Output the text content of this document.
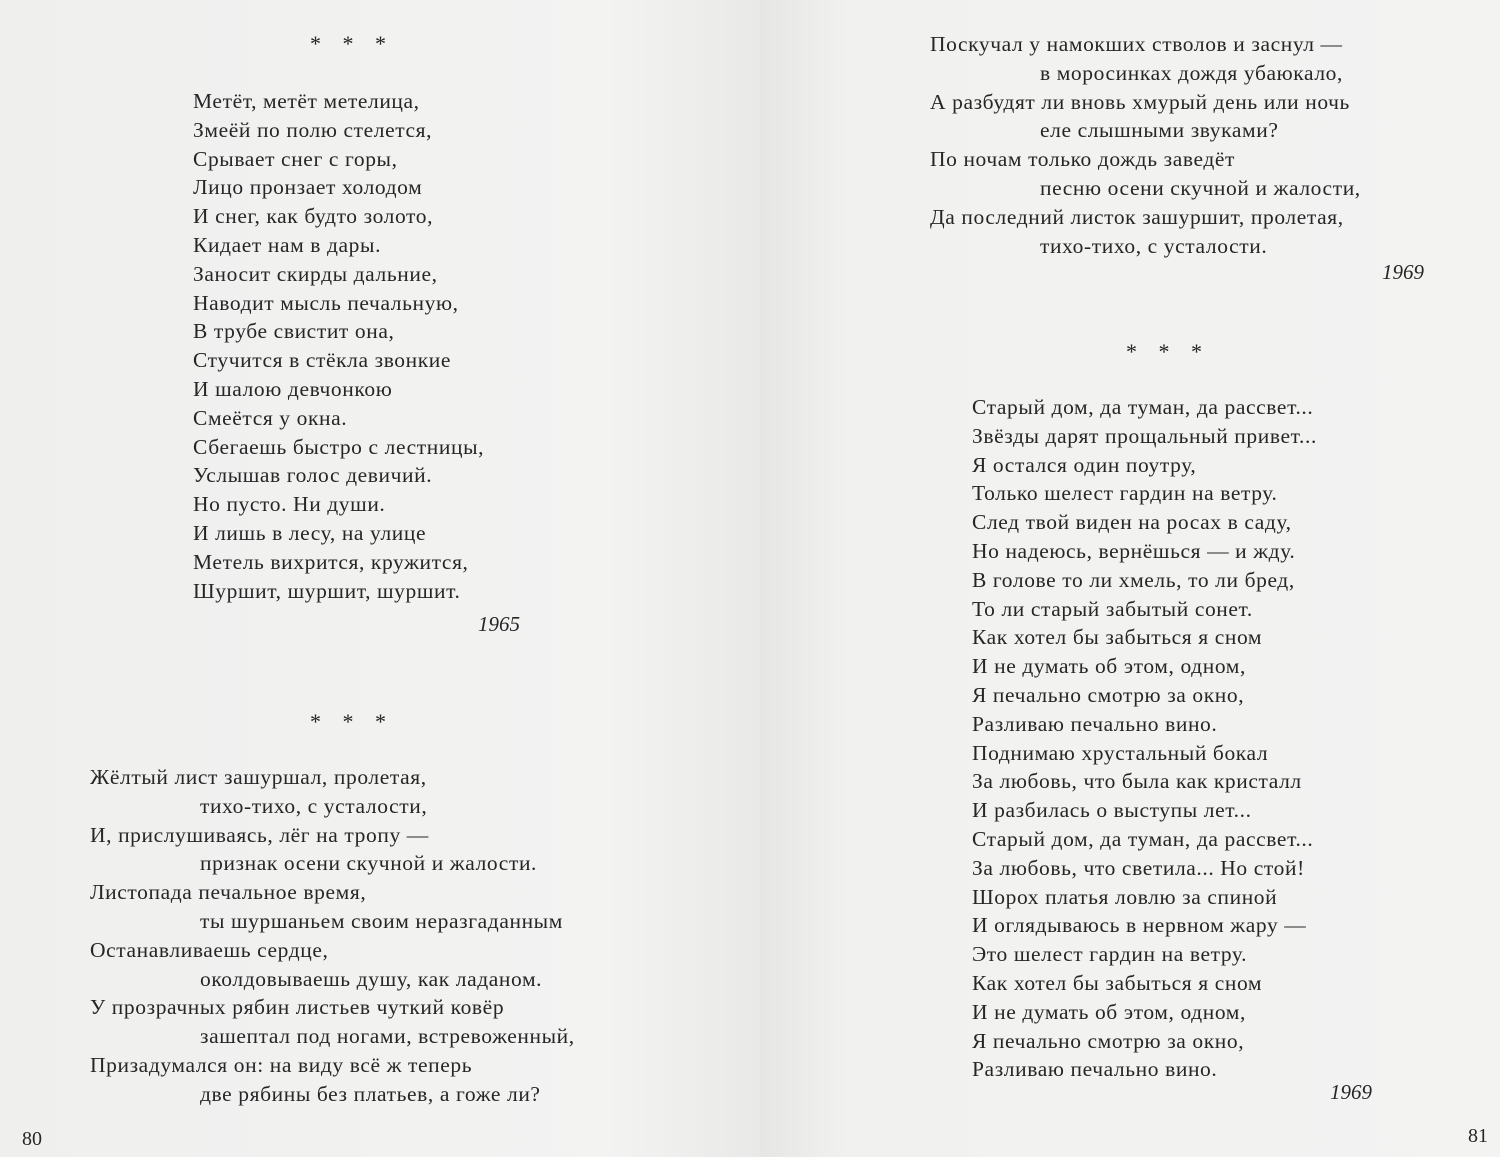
* * *
Метёт, метёт метелица,
Змеёй по полю стелется,
Срывает снег с горы,
Лицо пронзает холодом
И снег, как будто золото,
Кидает нам в дары.
Заносит скирды дальние,
Наводит мысль печальную,
В трубе свистит она,
Стучится в стёкла звонкие
И шалою девчонкою
Смеётся у окна.
Сбегаешь быстро с лестницы,
Услышав голос девичий.
Но пусто. Ни души.
И лишь в лесу, на улице
Метель вихрится, кружится,
Шуршит, шуршит, шуршит.
1965
* * *
Жёлтый лист зашуршал, пролетая,
тихо-тихо, с усталости,
И, прислушиваясь, лёг на тропу —
признак осени скучной и жалости.
Листопада печальное время,
ты шуршаньем своим неразгаданным
Останавливаешь сердце,
околдовываешь душу, как ладаном.
У прозрачных рябин листьев чуткий ковёр
зашептал под ногами, встревоженный,
Призадумался он: на виду всё ж теперь
две рябины без платьев, а гоже ли?
80
Поскучал у намокших стволов и заснул —
в моросинках дождя убаюкало,
А разбудят ли вновь хмурый день или ночь
еле слышными звуками?
По ночам только дождь заведёт
песню осени скучной и жалости,
Да последний листок зашуршит, пролетая,
тихо-тихо, с усталости.
1969
* * *
Старый дом, да туман, да рассвет...
Звёзды дарят прощальный привет...
Я остался один поутру,
Только шелест гардин на ветру.
След твой виден на росах в саду,
Но надеюсь, вернёшься — и жду.
В голове то ли хмель, то ли бред,
То ли старый забытый сонет.
Как хотел бы забыться я сном
И не думать об этом, одном,
Я печально смотрю за окно,
Разливаю печально вино.
Поднимаю хрустальный бокал
За любовь, что была как кристалл
И разбилась о выступы лет...
Старый дом, да туман, да рассвет...
За любовь, что светила... Но стой!
Шорох платья ловлю за спиной
И оглядываюсь в нервном жару —
Это шелест гардин на ветру.
Как хотел бы забыться я сном
И не думать об этом, одном,
Я печально смотрю за окно,
Разливаю печально вино.
1969
81
